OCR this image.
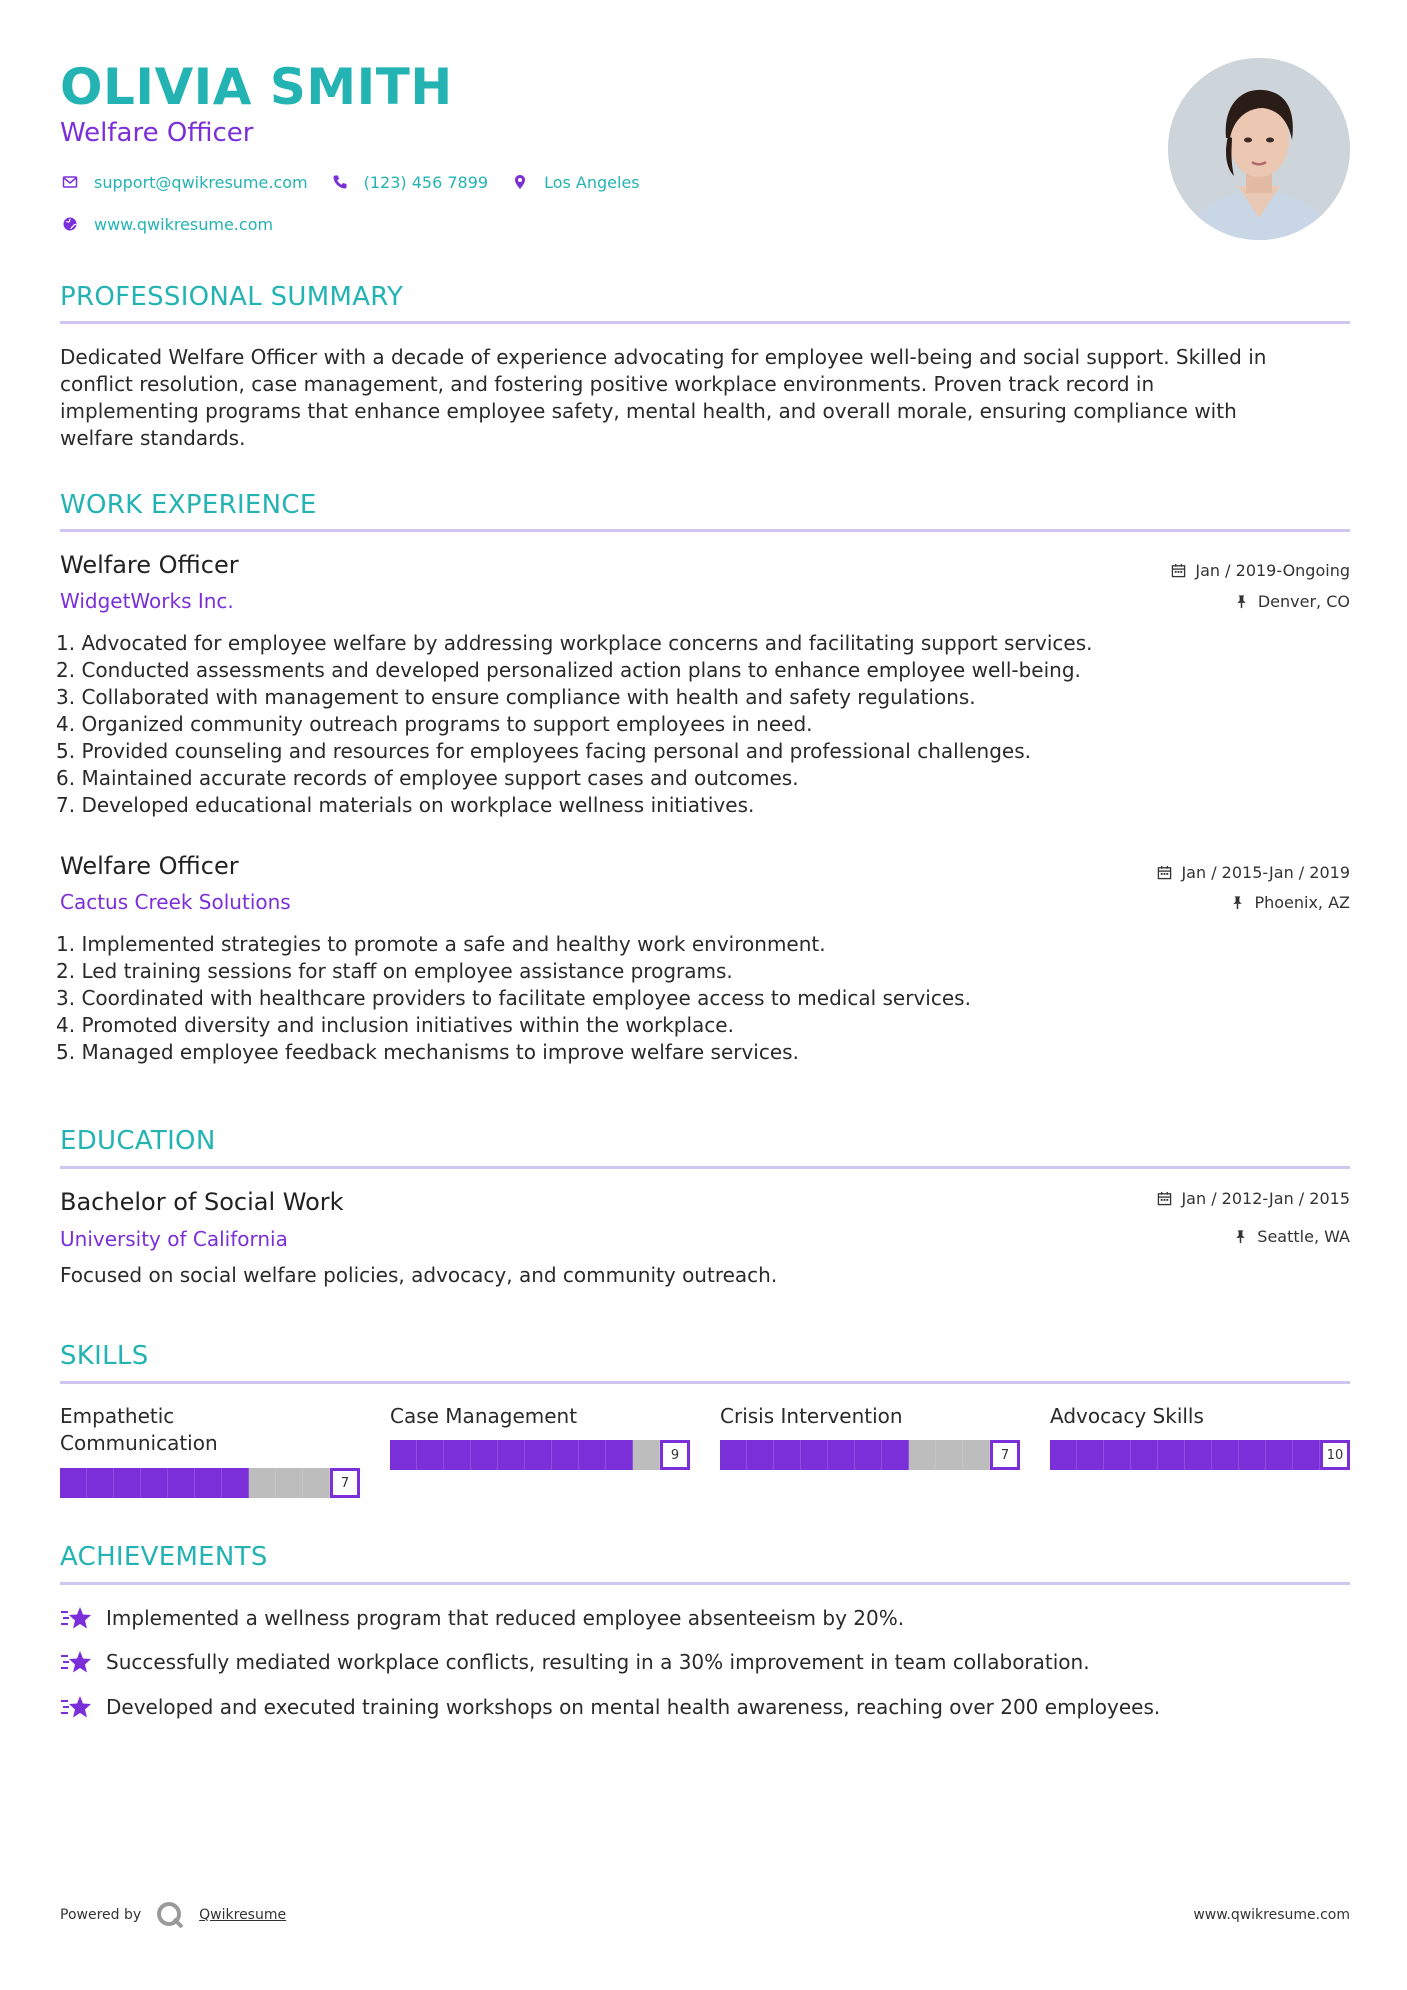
OLIVIA SMITH
Welfare Officer
support@qwikresume.com	(123) 456 7899	Los Angeles
www.qwikresume.com
PROFESSIONAL SUMMARY
Dedicated Welfare Officer with a decade of experience advocating for employee well-being and social support. Skilled in
conflict resolution, case management, and fostering positive workplace environments. Proven track record in
implementing programs that enhance employee safety, mental health, and overall morale, ensuring compliance with
welfare standards.
WORK EXPERIENCE
Welfare Officer
WidgetWorks Inc.
Jan / 2019-Ongoing
Denver, CO
1. Advocated for employee welfare by addressing workplace concerns and facilitating support services.
2. Conducted assessments and developed personalized action plans to enhance employee well-being.
3. Collaborated with management to ensure compliance with health and safety regulations.
4. Organized community outreach programs to support employees in need.
5. Provided counseling and resources for employees facing personal and professional challenges.
6. Maintained accurate records of employee support cases and outcomes.
7. Developed educational materials on workplace wellness initiatives.
Welfare Officer
Cactus Creek Solutions
Jan / 2015-Jan / 2019
Phoenix, AZ
1. Implemented strategies to promote a safe and healthy work environment.
2. Led training sessions for staff on employee assistance programs.
3. Coordinated with healthcare providers to facilitate employee access to medical services.
4. Promoted diversity and inclusion initiatives within the workplace.
5. Managed employee feedback mechanisms to improve welfare services.
EDUCATION
Bachelor of Social Work
University of California
Jan / 2012-Jan / 2015
Seattle, WA
Focused on social welfare policies, advocacy, and community outreach.
SKILLS
Empathetic
Communication
7
Case Management
9
Crisis Intervention
7
Advocacy Skills
10
ACHIEVEMENTS
Implemented a wellness program that reduced employee absenteeism by 20%.
Successfully mediated workplace conflicts, resulting in a 30% improvement in team collaboration.
Developed and executed training workshops on mental health awareness, reaching over 200 employees.
Powered by	Qwikresume	www.qwikresume.com
